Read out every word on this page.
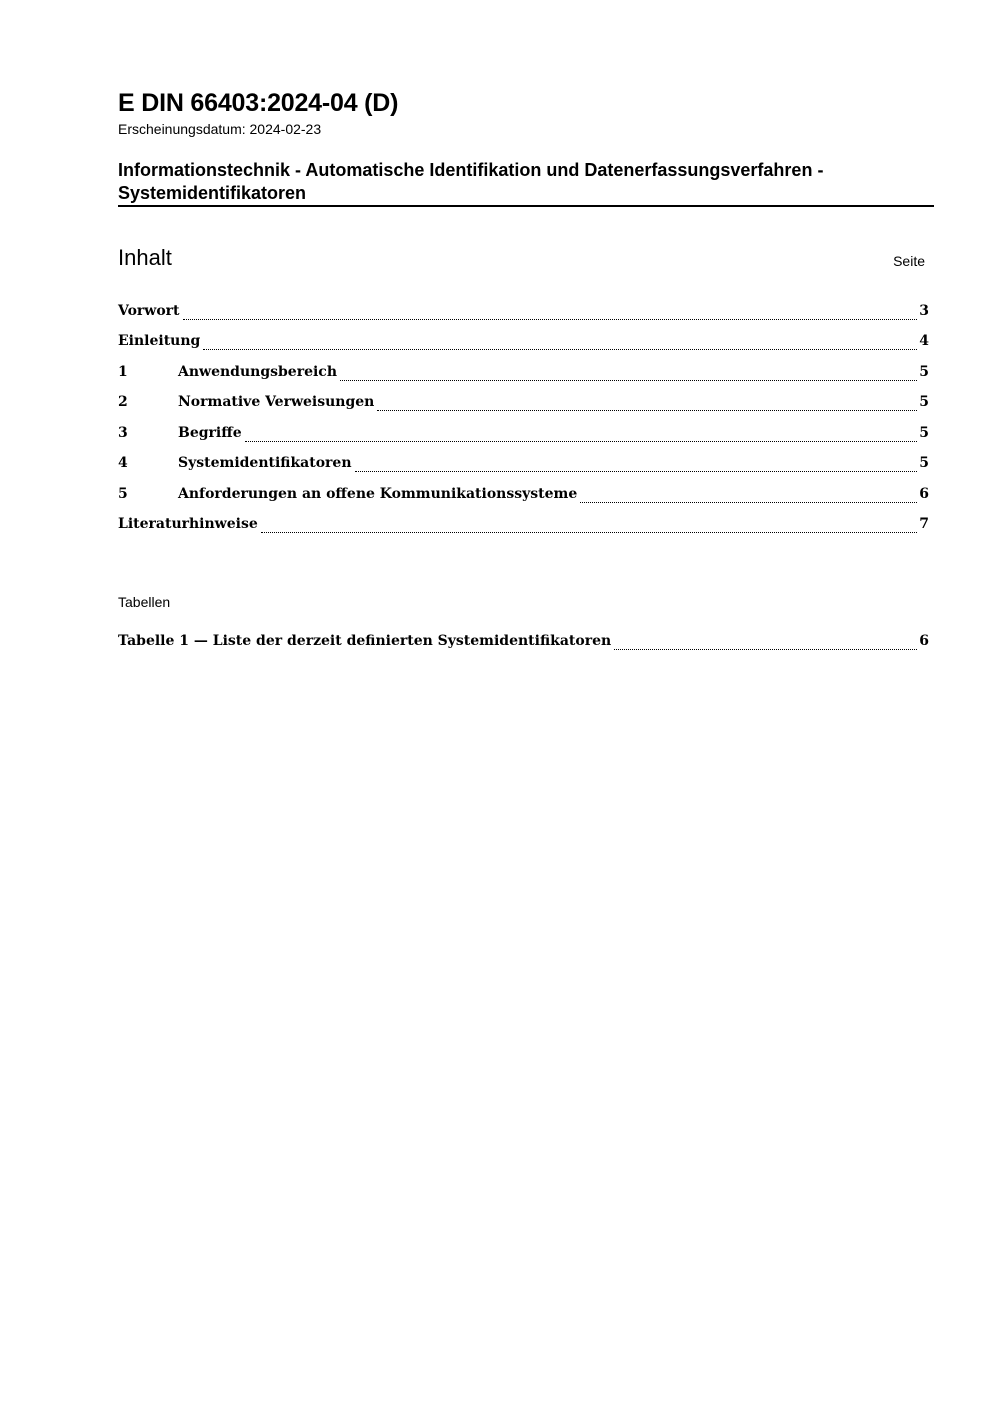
E DIN 66403:2024-04 (D)
Erscheinungsdatum: 2024-02-23
Informationstechnik - Automatische Identifikation und Datenerfassungsverfahren - Systemidentifikatoren
Inhalt	Seite
Vorwort	3
Einleitung	4
1	Anwendungsbereich	5
2	Normative Verweisungen	5
3	Begriffe	5
4	Systemidentifikatoren	5
5	Anforderungen an offene Kommunikationssysteme	6
Literaturhinweise	7
Tabellen
Tabelle 1 — Liste der derzeit definierten Systemidentifikatoren	6
